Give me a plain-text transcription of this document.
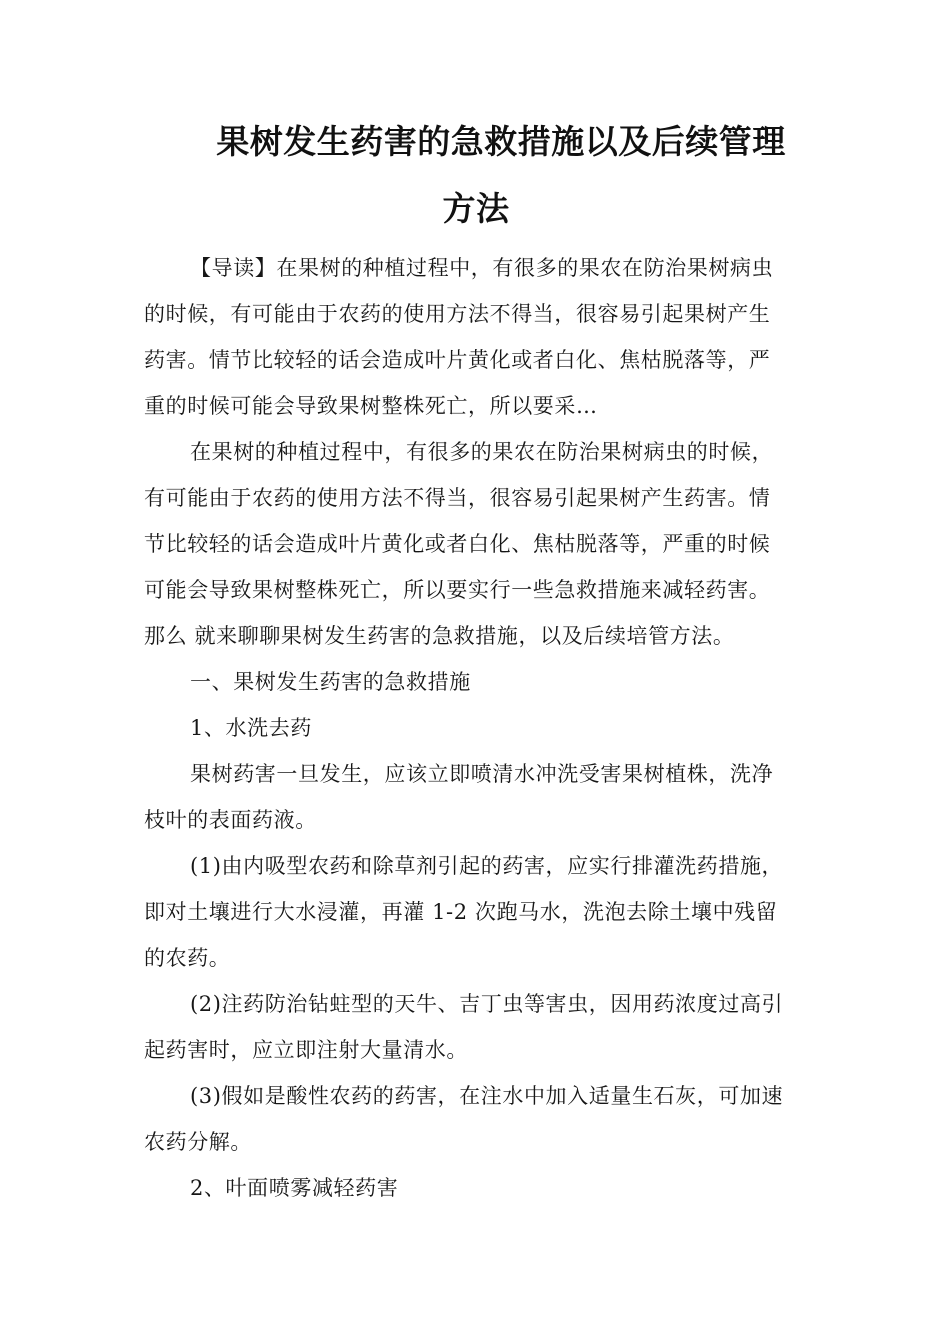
果树发生药害的急救措施以及后续管理
方法
【导读】在果树的种植过程中，有很多的果农在防治果树病虫
的时候，有可能由于农药的使用方法不得当，很容易引起果树产生
药害。情节比较轻的话会造成叶片黄化或者白化、焦枯脱落等，严
重的时候可能会导致果树整株死亡，所以要采…
在果树的种植过程中，有很多的果农在防治果树病虫的时候，
有可能由于农药的使用方法不得当，很容易引起果树产生药害。情
节比较轻的话会造成叶片黄化或者白化、焦枯脱落等，严重的时候
可能会导致果树整株死亡，所以要实行一些急救措施来减轻药害。
那么 就来聊聊果树发生药害的急救措施，以及后续培管方法。
一、果树发生药害的急救措施
1、水洗去药
果树药害一旦发生，应该立即喷清水冲洗受害果树植株，洗净
枝叶的表面药液。
(1)由内吸型农药和除草剂引起的药害，应实行排灌洗药措施，
即对土壤进行大水浸灌，再灌 1-2 次跑马水，洗泡去除土壤中残留
的农药。
(2)注药防治钻蛀型的天牛、吉丁虫等害虫，因用药浓度过高引
起药害时，应立即注射大量清水。
(3)假如是酸性农药的药害，在注水中加入适量生石灰，可加速
农药分解。
2、叶面喷雾减轻药害
